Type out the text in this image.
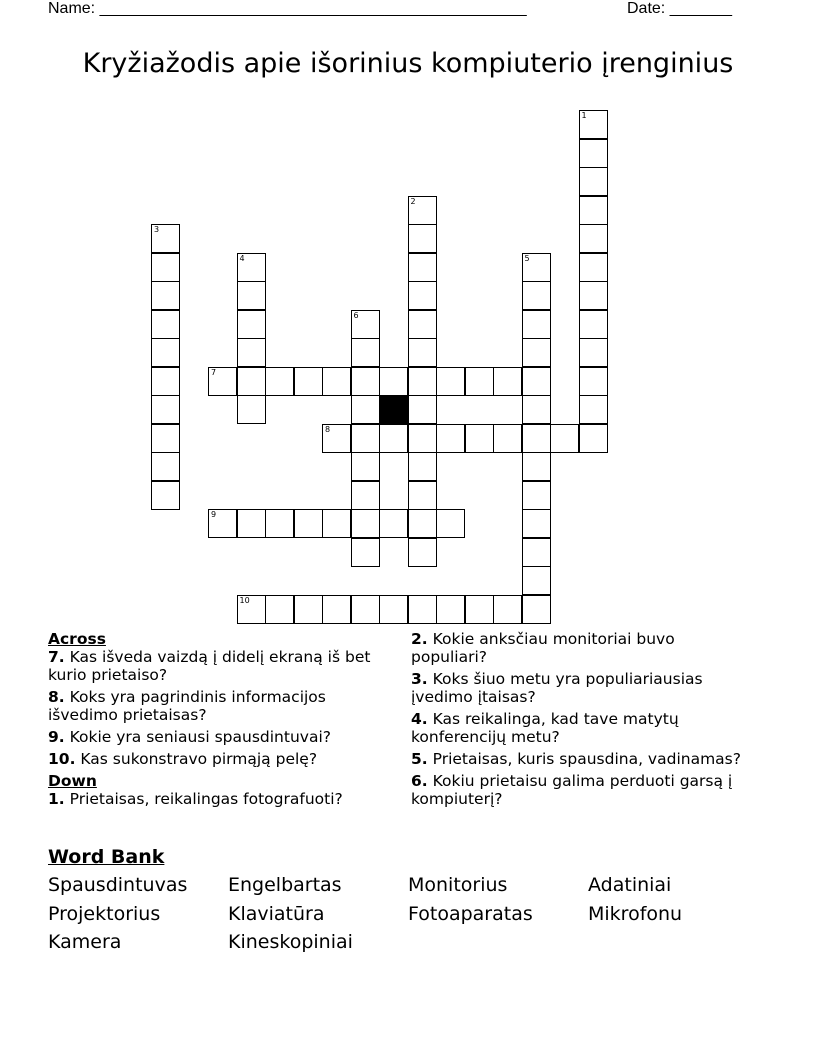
Name: ________________________________________________	Date: _______
Kryžiažodis apie išorinius kompiuterio įrenginius
1
2
3
4	5
6
7
8
9
10
Across
7. Kas išveda vaizdą į didelį ekraną iš bet kurio prietaiso?
8. Koks yra pagrindinis informacijos išvedimo prietaisas?
9. Kokie yra seniausi spausdintuvai?
10. Kas sukonstravo pirmąją pelę?
Down
1. Prietaisas, reikalingas fotografuoti?
2. Kokie anksčiau monitoriai buvo populiari?
3. Koks šiuo metu yra populiariausias įvedimo įtaisas?
4. Kas reikalinga, kad tave matytų konferencijų metu?
5. Prietaisas, kuris spausdina, vadinamas?
6. Kokiu prietaisu galima perduoti garsą į kompiuterį?
Word Bank
Spausdintuvas	Engelbartas	Monitorius	Adatiniai
Projektorius	Klaviatūra	Fotoaparatas	Mikrofonu
Kamera	Kineskopiniai
